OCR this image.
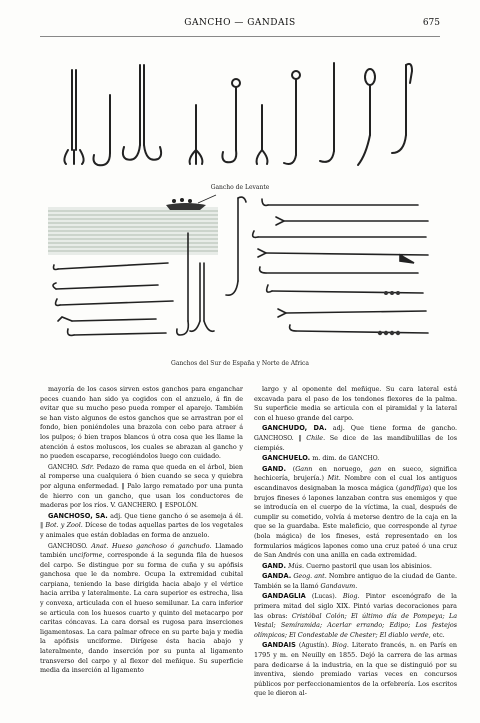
GANCHO — GANDAIS	675
Gancho de Levante
Ganchos del Sur de España y Norte de Africa

mayoría de los casos sirven estos ganchos para enganchar peces cuando han sido ya cogidos con el anzuelo, á fin de evitar que su mucho peso pueda romper el aparejo. También se han visto algunos de estos ganchos que se arrastran por el fondo, bien poniéndoles una brazola con cebo para atraer á los pulpos; ó bien trapos blancos ú otra cosa que les llame la atención á estos moluscos, los cuales se abrazan al gancho y no pueden escaparse, recogiéndolos luego con cuidado.

GANCHO. Sdr. Pedazo de rama que queda en el árbol, bien al romperse una cualquiera ó bien cuando se seca y quiebra por alguna enfermedad. ‖ Palo largo rematado por una punta de hierro con un gancho, que usan los conductores de maderas por los ríos. V. GANCHERO. ‖ ESPOLÓN.

GANCHOSO, SA. adj. Que tiene gancho ó se asemeja á él. ‖ Bot. y Zool. Dícese de todas aquellas partes de los vegetales y animales que están dobladas en forma de anzuelo.

GANCHOSO. Anat. Hueso ganchoso ó ganchudo. Llamado también unciforme, corresponde á la segunda fila de huesos del carpo. Se distingue por su forma de cuña y su apófisis ganchosa que le da nombre. Ocupa la extremidad cubital carpiana, teniendo la base dirigida hacia abajo y el vértice hacia arriba y lateralmente. La cara superior es estrecha, lisa y convexa, articulada con el hueso semilunar. La cara inferior se articula con los huesos cuarto y quinto del metacarpo por caritas cóncavas. La cara dorsal es rugosa para inserciones ligamentosas. La cara palmar ofrece en su parte baja y media la apófisis unciforme. Dirígese ésta hacia abajo y lateralmente, dando inserción por su punta al ligamento transverso del carpo y al flexor del meñique. Su superficie media da inserción al ligamento

largo y al oponente del meñique. Su cara lateral está excavada para el paso de los tendones flexores de la palma. Su superficie media se articula con el piramidal y la lateral con el hueso grande del carpo.

GANCHUDO, DA. adj. Que tiene forma de gancho. GANCHOSO. ‖ Chile. Se dice de las mandibulillas de los ciempiés.

GANCHUELO. m. dim. de GANCHO.

GAND. (Gann en noruego, gan en sueco, significa hechicería, brujería.) Mit. Nombre con el cual los antiguos escandinavos designaban la mosca mágica (gandfliga) que los brujos fineses ó lapones lanzaban contra sus enemigos y que se introducía en el cuerpo de la víctima, la cual, después de cumplir su cometido, volvía á meterse dentro de la caja en la que se la guardaba. Este maleficio, que corresponde al tyrae (bola mágica) de los fineses, está representado en los formularios mágicos lapones como una cruz pateé ó una cruz de San Andrés con una anilla en cada extremidad.

GAND. Mús. Cuerno pastoril que usan los abisinios.

GANDA. Geog. ant. Nombre antiguo de la ciudad de Gante. También se la llamó Gandavum.

GANDAGLIA (Lucas). Biog. Pintor escenógrafo de la primera mitad del siglo XIX. Pintó varias decoraciones para las obras: Cristóbal Colón; El último día de Pompeya; La Vestal; Semíramida; Acerlar errando; Edipo; Los festejos olímpicos; El Condestable de Chester; El diablo verde, etc.

GANDAIS (Agustín). Biog. Literato francés, n. en París en 1795 y m. en Neuilly en 1855. Dejó la carrera de las armas para dedicarse á la industria, en la que se distinguió por su inventiva, siendo premiado varias veces en concursos públicos por perfeccionamientos de la orfebrería. Los escritos que le dieron al-
